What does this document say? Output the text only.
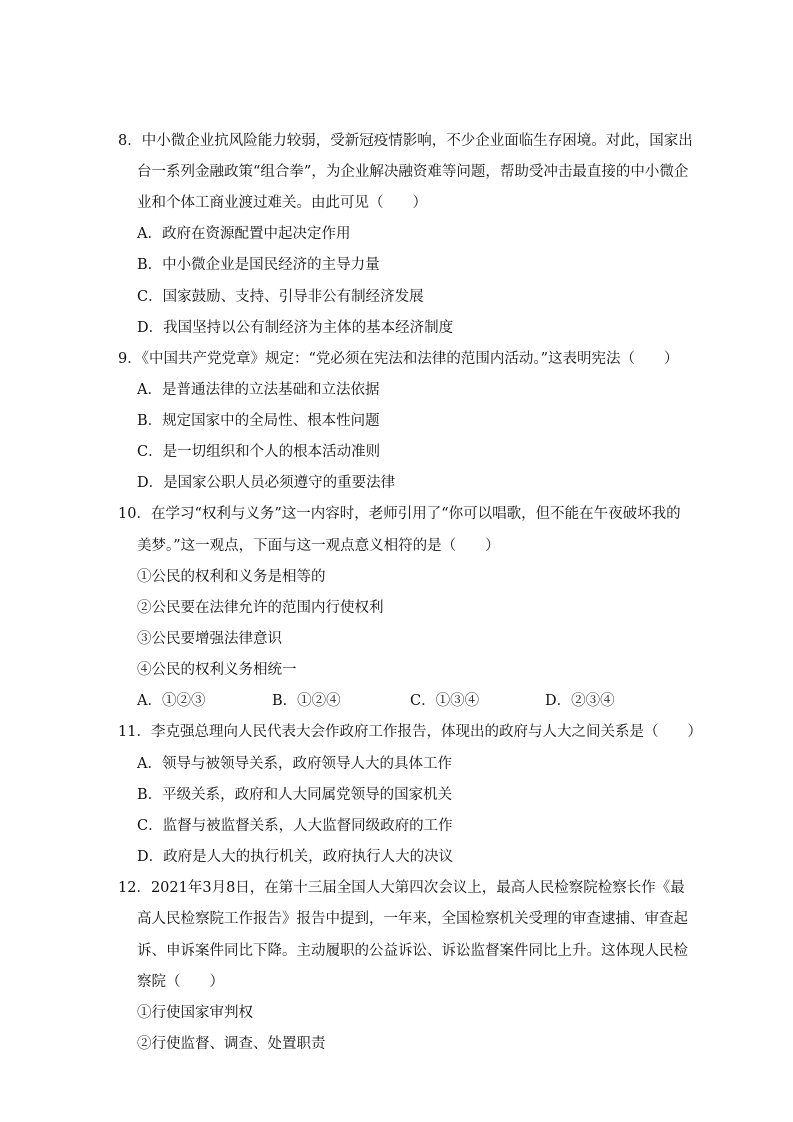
8．中小微企业抗风险能力较弱，受新冠疫情影响，不少企业面临生存困境。对此，国家出
台一系列金融政策“组合拳”，为企业解决融资难等问题，帮助受冲击最直接的中小微企
业和个体工商业渡过难关。由此可见（　　）
A．政府在资源配置中起决定作用
B．中小微企业是国民经济的主导力量
C．国家鼓励、支持、引导非公有制经济发展
D．我国坚持以公有制经济为主体的基本经济制度
9．《中国共产党党章》规定：“党必须在宪法和法律的范围内活动。”这表明宪法（　　）
A．是普通法律的立法基础和立法依据
B．规定国家中的全局性、根本性问题
C．是一切组织和个人的根本活动准则
D．是国家公职人员必须遵守的重要法律
10．在学习“权利与义务”这一内容时，老师引用了“你可以唱歌，但不能在午夜破坏我的
美梦。”这一观点，下面与这一观点意义相符的是（　　）
①公民的权利和义务是相等的
②公民要在法律允许的范围内行使权利
③公民要增强法律意识
④公民的权利义务相统一
A．①②③	B．①②④	C．①③④	D．②③④
11．李克强总理向人民代表大会作政府工作报告，体现出的政府与人大之间关系是（　　）
A．领导与被领导关系，政府领导人大的具体工作
B．平级关系，政府和人大同属党领导的国家机关
C．监督与被监督关系，人大监督同级政府的工作
D．政府是人大的执行机关，政府执行人大的决议
12．2021年3月8日，在第十三届全国人大第四次会议上，最高人民检察院检察长作《最
高人民检察院工作报告》报告中提到，一年来，全国检察机关受理的审查逮捕、审查起
诉、申诉案件同比下降。主动履职的公益诉讼、诉讼监督案件同比上升。这体现人民检
察院（　　）
①行使国家审判权
②行使监督、调查、处置职责
